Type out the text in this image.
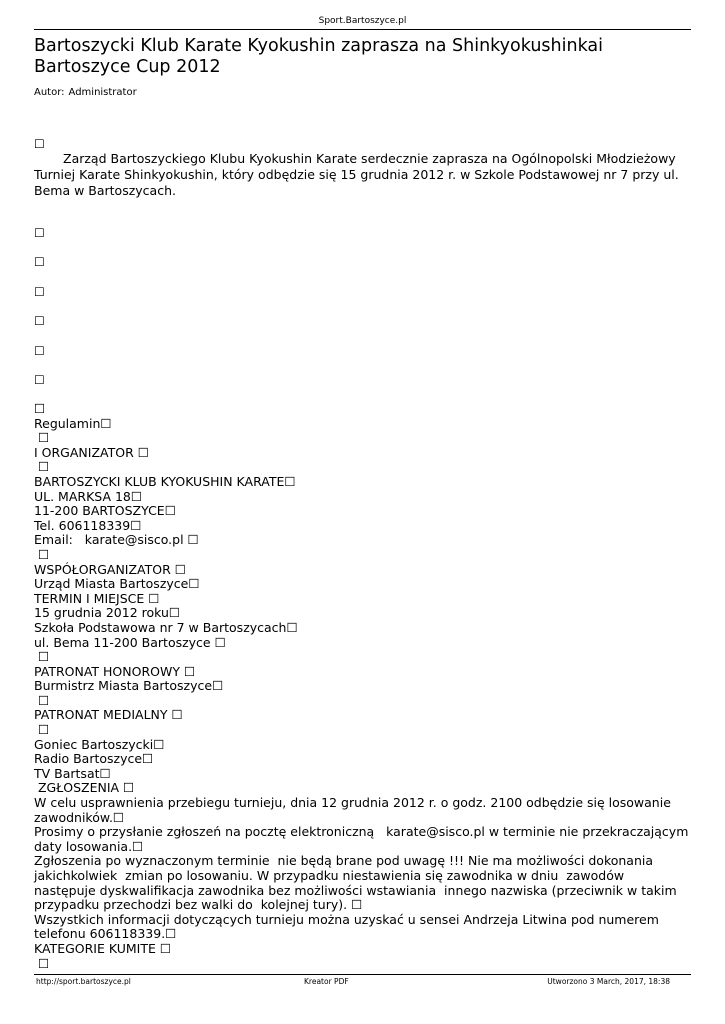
Sport.Bartoszyce.pl
Bartoszycki Klub Karate Kyokushin zaprasza na Shinkyokushinkai Bartoszyce Cup 2012
Autor: Administrator
☐

Zarząd Bartoszyckiego Klubu Kyokushin Karate serdecznie zaprasza na Ogólnopolski Młodzieżowy Turniej Karate Shinkyokushin, który odbędzie się 15 grudnia 2012 r. w Szkole Podstawowej nr 7 przy ul. Bema w Bartoszycach.

☐
☐
☐
☐
☐
☐
☐
Regulamin☐
☐
I ORGANIZATOR ☐
☐
BARTOSZYCKI KLUB KYOKUSHIN KARATE☐
UL. MARKSA 18☐
11-200 BARTOSZYCE☐
Tel. 606118339☐
Email:   karate@sisco.pl ☐
☐
WSPÓŁORGANIZATOR ☐
Urząd Miasta Bartoszyce☐
TERMIN I MIEJSCE ☐
15 grudnia 2012 roku☐
Szkoła Podstawowa nr 7 w Bartoszycach☐
ul. Bema 11-200 Bartoszyce ☐
☐
PATRONAT HONOROWY ☐
Burmistrz Miasta Bartoszyce☐
☐
PATRONAT MEDIALNY ☐
☐
Goniec Bartoszycki☐
Radio Bartoszyce☐
TV Bartsat☐
ZGŁOSZENIA ☐
W celu usprawnienia przebiegu turnieju, dnia 12 grudnia 2012 r. o godz. 2100 odbędzie się losowanie zawodników.☐
Prosimy o przysłanie zgłoszeń na pocztę elektroniczną   karate@sisco.pl w terminie nie przekraczającym daty losowania.☐
Zgłoszenia po wyznaczonym terminie  nie będą brane pod uwagę !!! Nie ma możliwości dokonania jakichkolwiek  zmian po losowaniu. W przypadku niestawienia się zawodnika w dniu  zawodów następuje dyskwalifikacja zawodnika bez możliwości wstawiania  innego nazwiska (przeciwnik w takim przypadku przechodzi bez walki do  kolejnej tury). ☐
Wszystkich informacji dotyczących turnieju można uzyskać u sensei Andrzeja Litwina pod numerem telefonu 606118339.☐
KATEGORIE KUMITE ☐
☐
http://sport.bartoszyce.pl	Kreator PDF	Utworzono 3 March, 2017, 18:38
